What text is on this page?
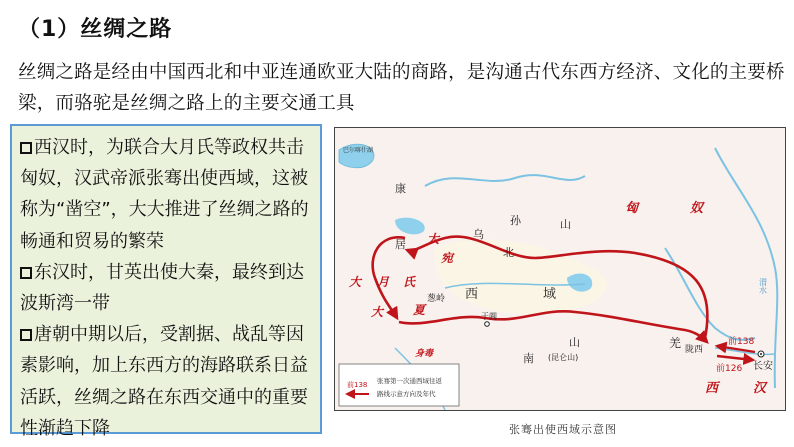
（1）丝绸之路
丝绸之路是经由中国西北和中亚连通欧亚大陆的商路，是沟通古代东西方经济、文化的主要桥梁，而骆驼是丝绸之路上的主要交通工具

西汉时，为联合大月氏等政权共击匈奴，汉武帝派张骞出使西域，这被称为“凿空”，大大推进了丝绸之路的畅通和贸易的繁荣

东汉时，甘英出使大秦，最终到达波斯湾一带

唐朝中期以后，受割据、战乱等因素影响，加上东西方的海路联系日益活跃，丝绸之路在东西交通中的重要性渐趋下降

巴尔喀什湖
康
居
乌
孙
北
山
匈	奴
大
宛
大 月 氏
大 夏
葱岭 西	域
于阗
南
山
(昆仑山)
身毒
羌 陇西
前138
前126 长安
西	汉
渭水
前138 张骞第一次通西域往返
路线示意方向及年代
张骞出使西域示意图
